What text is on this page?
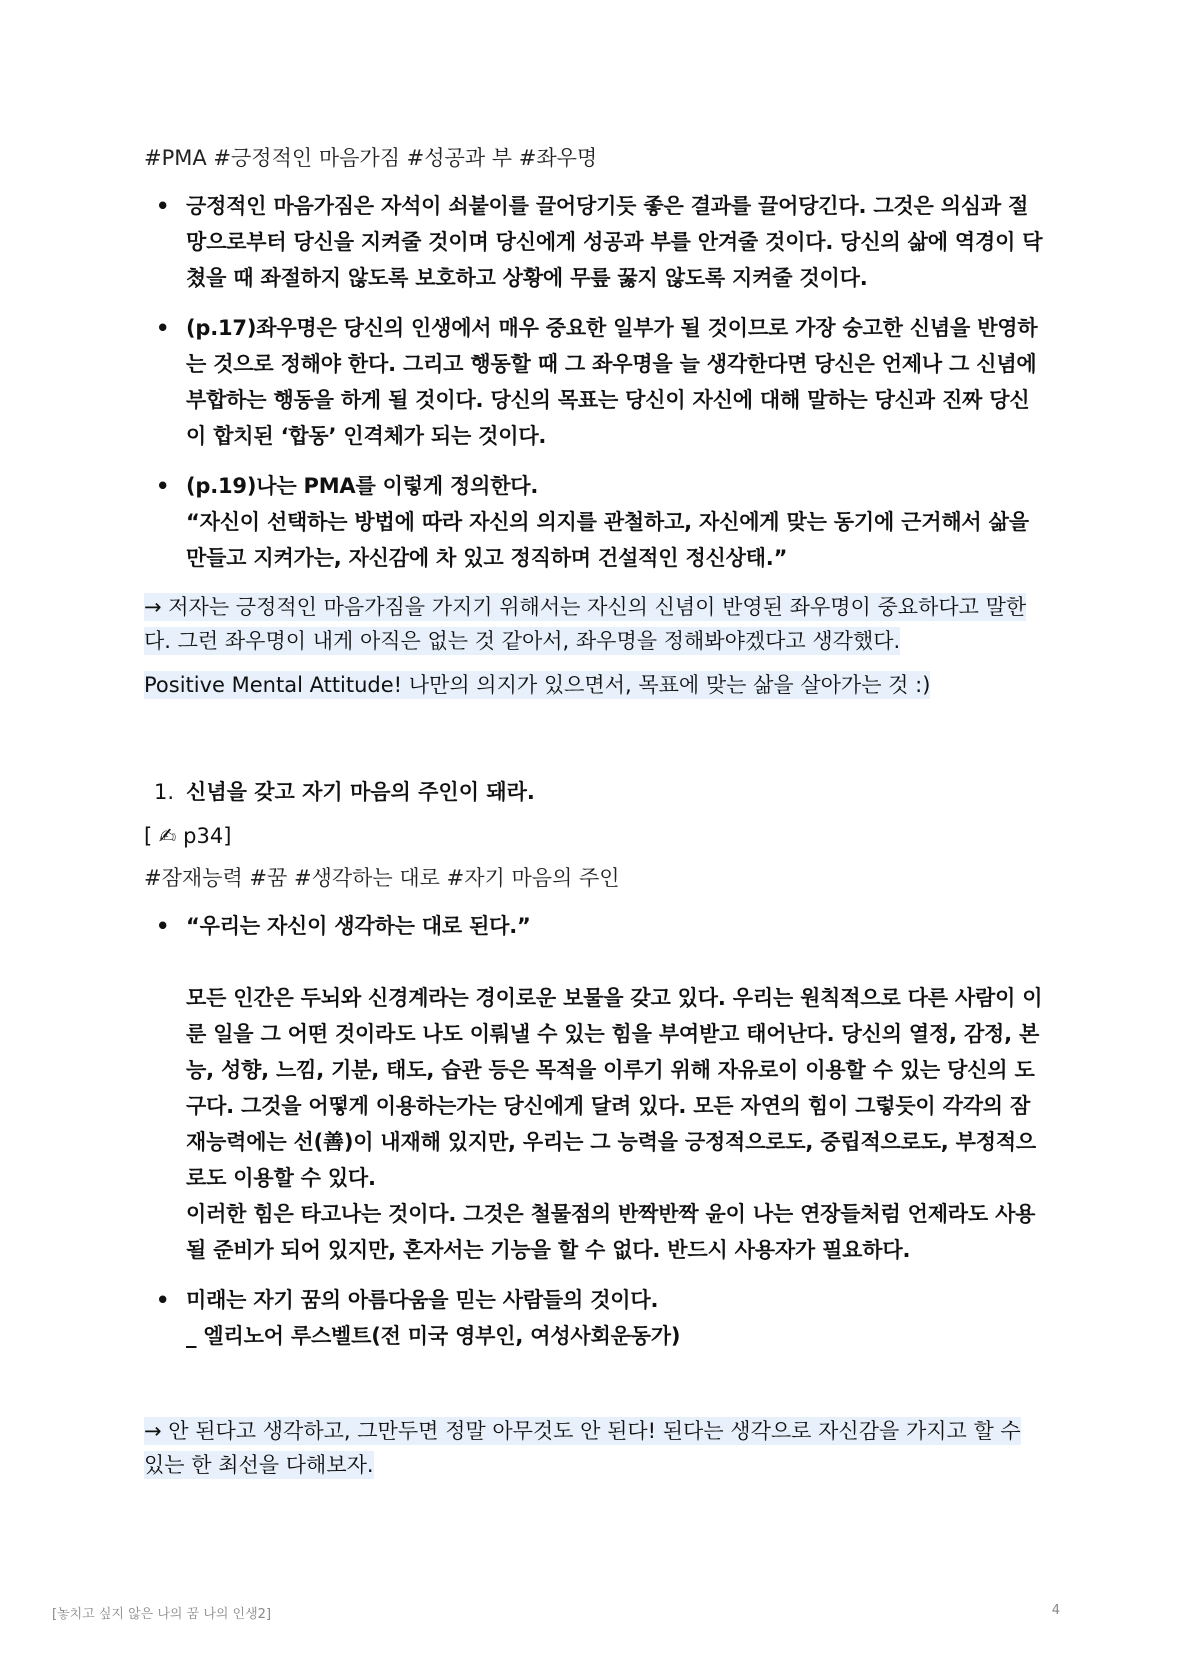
#PMA #긍정적인 마음가짐 #성공과 부 #좌우명
• 긍정적인 마음가짐은 자석이 쇠붙이를 끌어당기듯 좋은 결과를 끌어당긴다. 그것은 의심과 절망으로부터 당신을 지켜줄 것이며 당신에게 성공과 부를 안겨줄 것이다. 당신의 삶에 역경이 닥쳤을 때 좌절하지 않도록 보호하고 상황에 무릎 꿇지 않도록 지켜줄 것이다.
• (p.17)좌우명은 당신의 인생에서 매우 중요한 일부가 될 것이므로 가장 숭고한 신념을 반영하는 것으로 정해야 한다. 그리고 행동할 때 그 좌우명을 늘 생각한다면 당신은 언제나 그 신념에 부합하는 행동을 하게 될 것이다. 당신의 목표는 당신이 자신에 대해 말하는 당신과 진짜 당신이 합치된 ‘합동’ 인격체가 되는 것이다.
• (p.19)나는 PMA를 이렇게 정의한다.
“자신이 선택하는 방법에 따라 자신의 의지를 관철하고, 자신에게 맞는 동기에 근거해서 삶을 만들고 지켜가는, 자신감에 차 있고 정직하며 건설적인 정신상태.”
→ 저자는 긍정적인 마음가짐을 가지기 위해서는 자신의 신념이 반영된 좌우명이 중요하다고 말한다. 그런 좌우명이 내게 아직은 없는 것 같아서, 좌우명을 정해봐야겠다고 생각했다.
Positive Mental Attitude! 나만의 의지가 있으면서, 목표에 맞는 삶을 살아가는 것 :)
1. 신념을 갖고 자기 마음의 주인이 돼라.
[ ✍ p34]
#잠재능력 #꿈 #생각하는 대로 #자기 마음의 주인
• “우리는 자신이 생각하는 대로 된다.”

모든 인간은 두뇌와 신경계라는 경이로운 보물을 갖고 있다. 우리는 원칙적으로 다른 사람이 이룬 일을 그 어떤 것이라도 나도 이뤄낼 수 있는 힘을 부여받고 태어난다. 당신의 열정, 감정, 본능, 성향, 느낌, 기분, 태도, 습관 등은 목적을 이루기 위해 자유로이 이용할 수 있는 당신의 도구다. 그것을 어떻게 이용하는가는 당신에게 달려 있다. 모든 자연의 힘이 그렇듯이 각각의 잠재능력에는 선(善)이 내재해 있지만, 우리는 그 능력을 긍정적으로도, 중립적으로도, 부정적으로도 이용할 수 있다.
이러한 힘은 타고나는 것이다. 그것은 철물점의 반짝반짝 윤이 나는 연장들처럼 언제라도 사용될 준비가 되어 있지만, 혼자서는 기능을 할 수 없다. 반드시 사용자가 필요하다.
• 미래는 자기 꿈의 아름다움을 믿는 사람들의 것이다.
_ 엘리노어 루스벨트(전 미국 영부인, 여성사회운동가)
→ 안 된다고 생각하고, 그만두면 정말 아무것도 안 된다! 된다는 생각으로 자신감을 가지고 할 수 있는 한 최선을 다해보자.
[놓치고 싶지 않은 나의 꿈 나의 인생2]	4
